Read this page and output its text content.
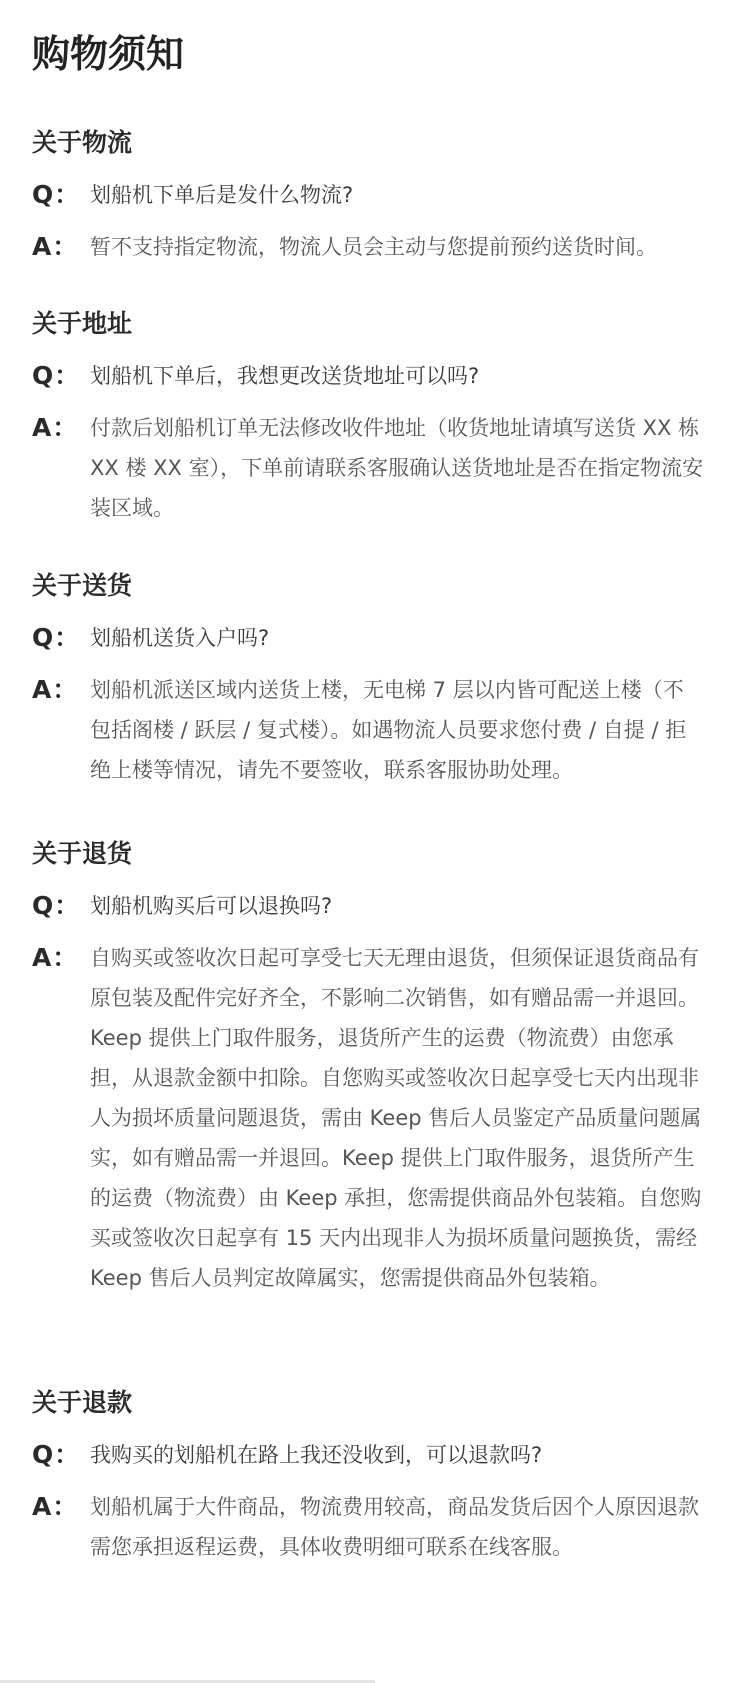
购物须知
关于物流
Q： 划船机下单后是发什么物流?
A： 暂不支持指定物流，物流人员会主动与您提前预约送货时间。
关于地址
Q： 划船机下单后，我想更改送货地址可以吗?
A： 付款后划船机订单无法修改收件地址（收货地址请填写送货 XX 栋 XX 楼 XX 室），下单前请联系客服确认送货地址是否在指定物流安装区域。
关于送货
Q： 划船机送货入户吗?
A： 划船机派送区域内送货上楼，无电梯 7 层以内皆可配送上楼（不包括阁楼 / 跃层 / 复式楼）。如遇物流人员要求您付费 / 自提 / 拒绝上楼等情况，请先不要签收，联系客服协助处理。
关于退货
Q： 划船机购买后可以退换吗?
A： 自购买或签收次日起可享受七天无理由退货，但须保证退货商品有原包装及配件完好齐全，不影响二次销售，如有赠品需一并退回。Keep 提供上门取件服务，退货所产生的运费（物流费）由您承担，从退款金额中扣除。自您购买或签收次日起享受七天内出现非人为损坏质量问题退货，需由 Keep 售后人员鉴定产品质量问题属实，如有赠品需一并退回。Keep 提供上门取件服务，退货所产生的运费（物流费）由 Keep 承担，您需提供商品外包装箱。自您购买或签收次日起享有 15 天内出现非人为损坏质量问题换货，需经 Keep 售后人员判定故障属实，您需提供商品外包装箱。
关于退款
Q： 我购买的划船机在路上我还没收到，可以退款吗?
A： 划船机属于大件商品，物流费用较高，商品发货后因个人原因退款需您承担返程运费，具体收费明细可联系在线客服。
